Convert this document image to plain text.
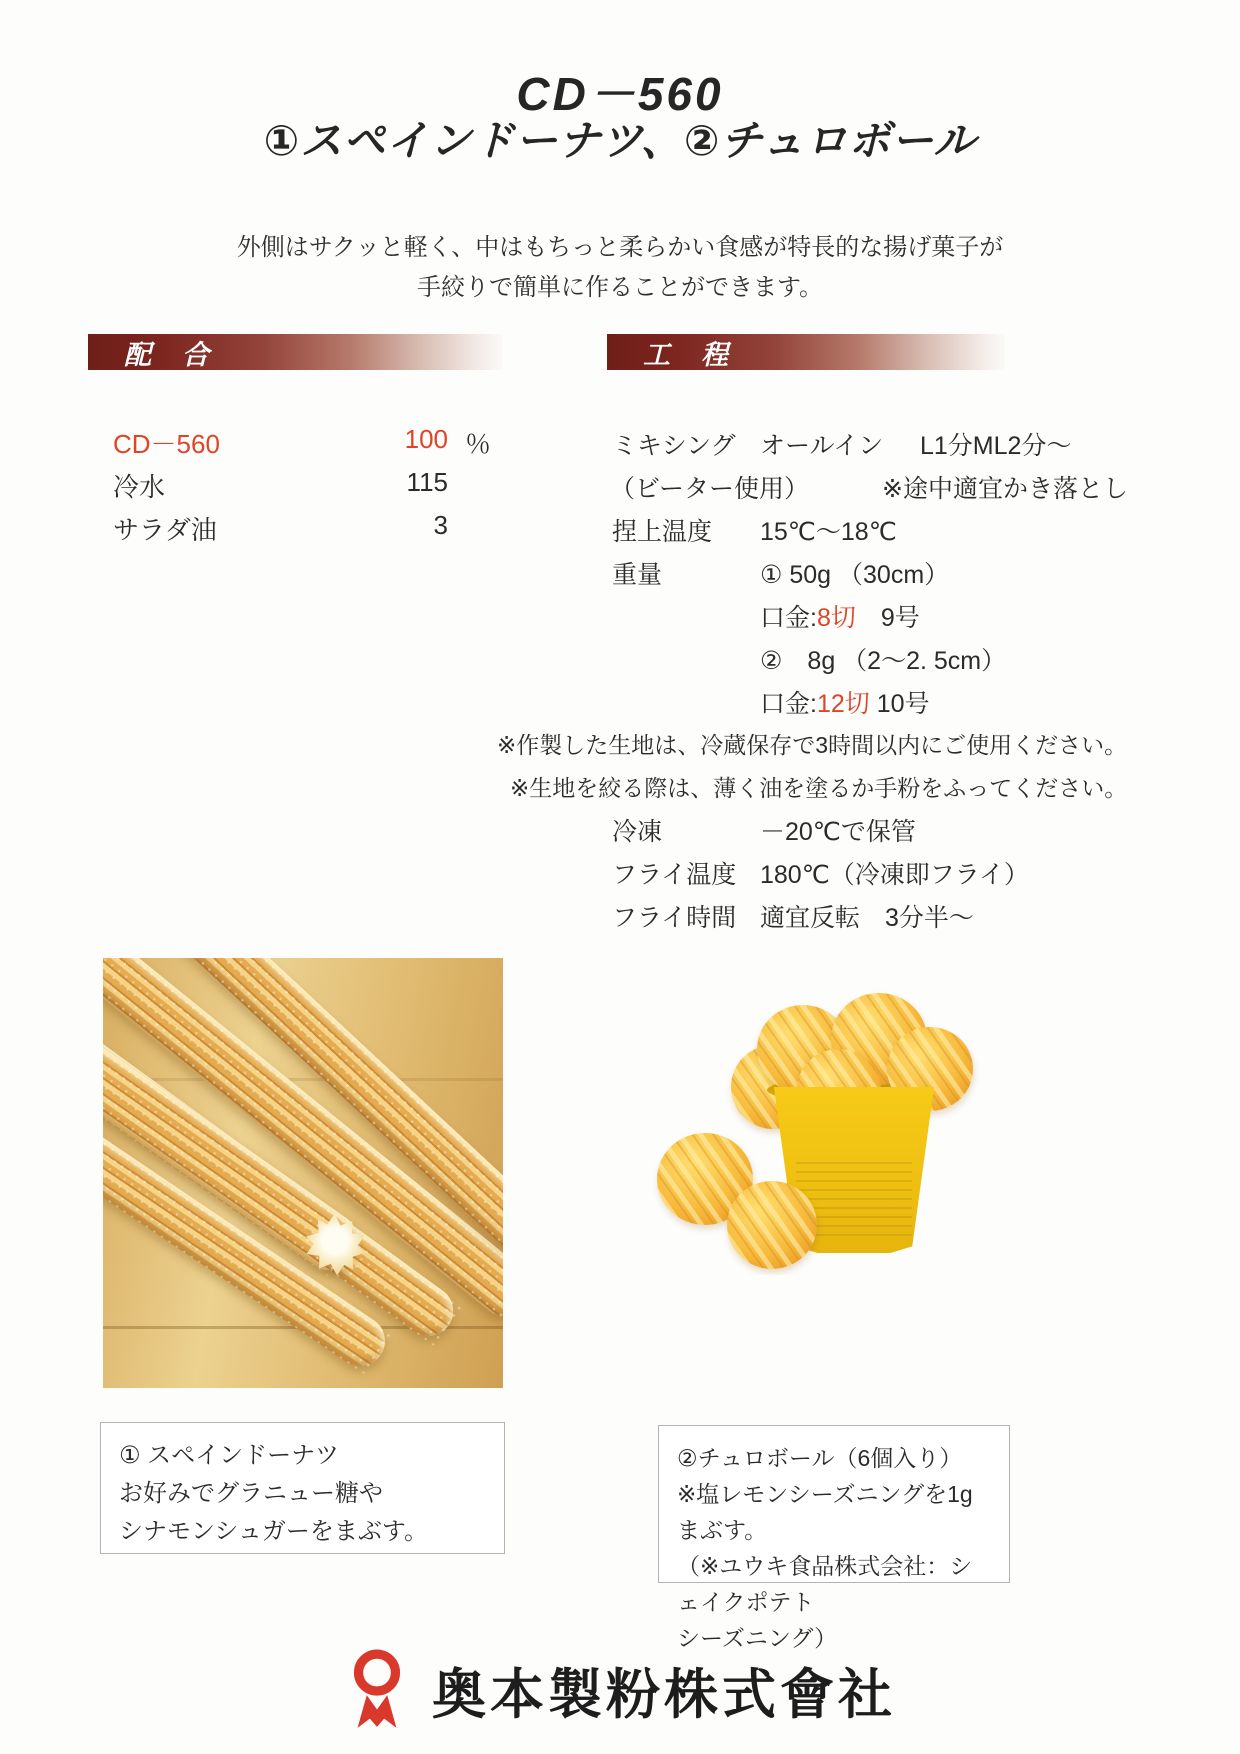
CD－560
①スペインドーナツ、②チュロボール
外側はサクッと軽く、中はもちっと柔らかい食感が特長的な揚げ菓子が
手絞りで簡単に作ることができます。
配　合	工　程
CD－560	100 ％
冷水	115
サラダ油	3
ミキシング オールイン L1分ML2分～
（ビーター使用）	※途中適宜かき落とし
捏上温度 15℃～18℃
重量	① 50g （30cm）
口金:8切　9号
②　8g （2～2. 5cm）
口金:12切 10号
※作製した生地は、冷蔵保存で3時間以内にご使用ください。
※生地を絞る際は、薄く油を塗るか手粉をふってください。
冷凍	－20℃で保管
フライ温度 180℃（冷凍即フライ）
フライ時間 適宜反転　3分半～
① スペインドーナツ
お好みでグラニュー糖や
シナモンシュガーをまぶす。
②チュロボール（6個入り）
※塩レモンシーズニングを1gまぶす。
（※ユウキ食品株式会社：シェイクポテト
シーズニング）
奥本製粉株式會社
